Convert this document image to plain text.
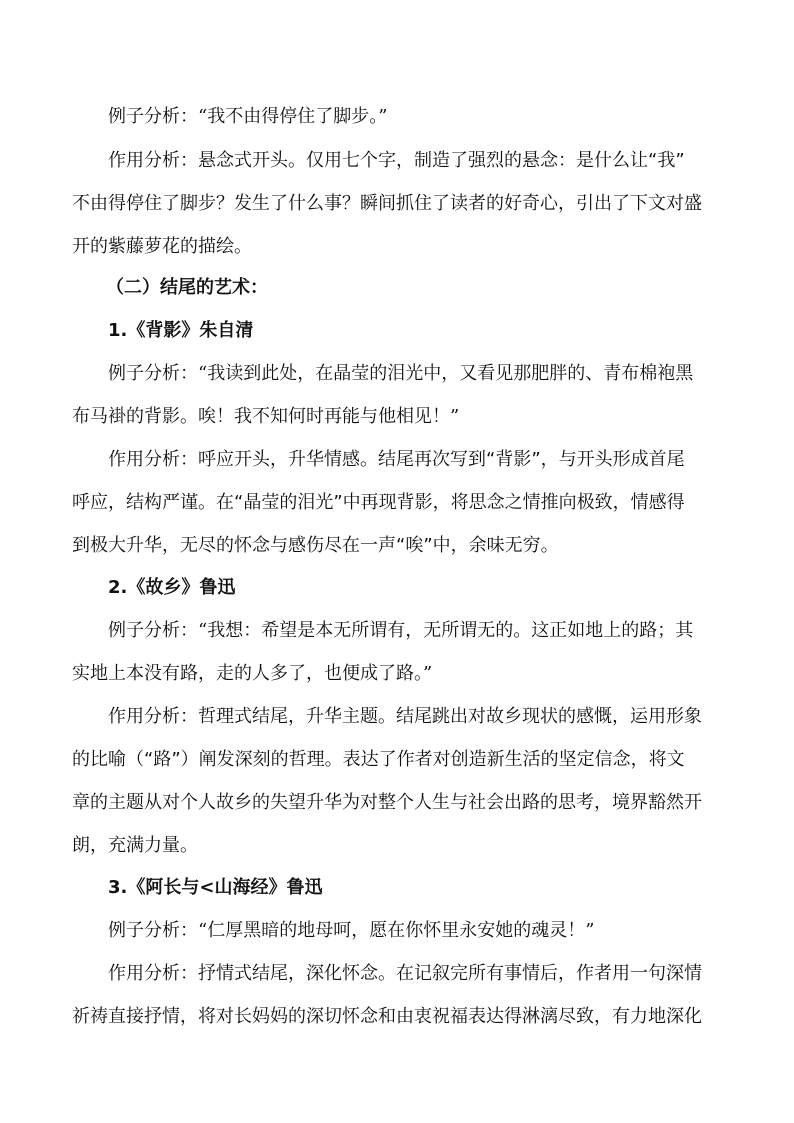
例子分析：“我不由得停住了脚步。”
作用分析：悬念式开头。仅用七个字，制造了强烈的悬念：是什么让“我”
不由得停住了脚步？发生了什么事？瞬间抓住了读者的好奇心，引出了下文对盛
开的紫藤萝花的描绘。
（二）结尾的艺术：
1.《背影》朱自清
例子分析：“我读到此处，在晶莹的泪光中，又看见那肥胖的、青布棉袍黑
布马褂的背影。唉！我不知何时再能与他相见！”
作用分析：呼应开头，升华情感。结尾再次写到“背影”，与开头形成首尾
呼应，结构严谨。在“晶莹的泪光”中再现背影，将思念之情推向极致，情感得
到极大升华，无尽的怀念与感伤尽在一声“唉”中，余味无穷。
2.《故乡》鲁迅
例子分析：“我想：希望是本无所谓有，无所谓无的。这正如地上的路；其
实地上本没有路，走的人多了，也便成了路。”
作用分析：哲理式结尾，升华主题。结尾跳出对故乡现状的感慨，运用形象
的比喻（“路”）阐发深刻的哲理。表达了作者对创造新生活的坚定信念，将文
章的主题从对个人故乡的失望升华为对整个人生与社会出路的思考，境界豁然开
朗，充满力量。
3.《阿长与<山海经》鲁迅
例子分析：“仁厚黑暗的地母呵，愿在你怀里永安她的魂灵！”
作用分析：抒情式结尾，深化怀念。在记叙完所有事情后，作者用一句深情
祈祷直接抒情，将对长妈妈的深切怀念和由衷祝福表达得淋漓尽致，有力地深化
